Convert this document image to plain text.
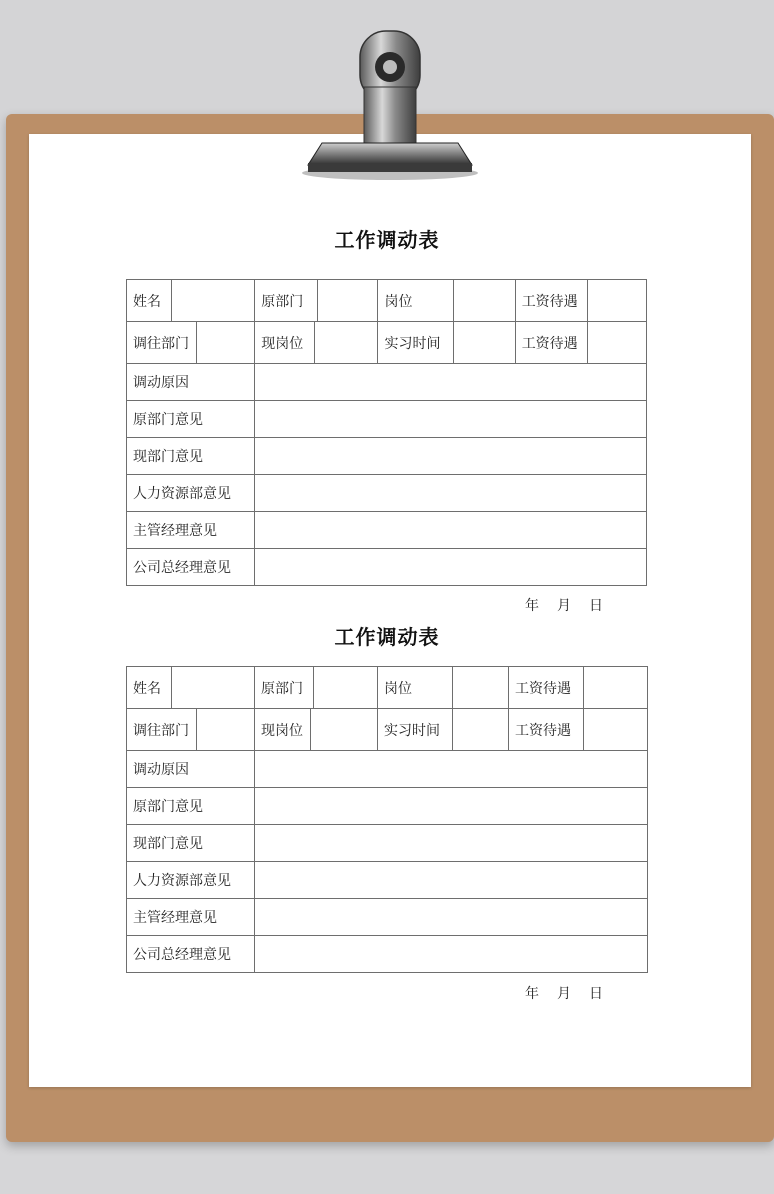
工作调动表
姓名			原部门			岗位		工资待遇	
调往部门			现岗位			实习时间		工资待遇	
调动原因									
原部门意见									
现部门意见									
人力资源部意见									
主管经理意见									
公司总经理意见									
年 月 日
工作调动表
姓名			原部门			岗位		工资待遇	
调往部门			现岗位			实习时间		工资待遇	
调动原因									
原部门意见									
现部门意见									
人力资源部意见									
主管经理意见									
公司总经理意见									
年 月 日
